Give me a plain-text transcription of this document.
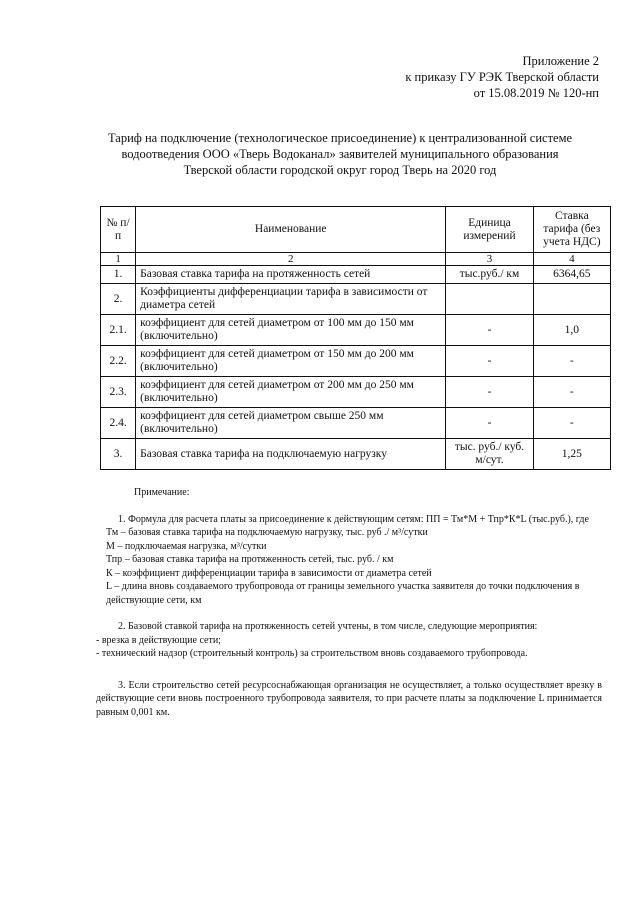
Приложение 2
к приказу ГУ РЭК Тверской области
от 15.08.2019 № 120-нп
Тариф на подключение (технологическое присоединение) к централизованной системе
водоотведения ООО «Тверь Водоканал» заявителей муниципального образования
Тверской области городской округ город Тверь на 2020 год
№ п/п	Наименование	Единица измерений	Ставка тарифа (без учета НДС)
1	2	3	4
1.	Базовая ставка тарифа на протяженность сетей	тыс.руб./ км	6364,65
2.	Коэффициенты дифференциации тарифа в зависимости от диаметра сетей		
2.1.	коэффициент для сетей диаметром от 100 мм до 150 мм (включительно)	-	1,0
2.2.	коэффициент для сетей диаметром от 150 мм до 200 мм (включительно)	-	-
2.3.	коэффициент для сетей диаметром от 200 мм до 250 мм (включительно)	-	-
2.4.	коэффициент для сетей диаметром свыше 250 мм (включительно)	-	-
3.	Базовая ставка тарифа на подключаемую нагрузку	тыс. руб./ куб. м/сут.	1,25

Примечание:

1. Формула для расчета платы за присоединение к действующим сетям: ПП = Тм*М + Тпр*К*L (тыс.руб.), где

Тм – базовая ставка тарифа на подключаемую нагрузку, тыс. руб ./ м³/сутки

М – подключаемая нагрузка, м³/сутки

Тпр – базовая ставка тарифа на протяженность сетей, тыс. руб. / км

К – коэффициент дифференциации тарифа в зависимости от диаметра сетей

L – длина вновь создаваемого трубопровода от границы земельного участка заявителя до точки подключения в действующие сети, км

2. Базовой ставкой тарифа на протяженность сетей учтены, в том числе, следующие мероприятия:

- врезка в действующие сети;

- технический надзор (строительный контроль) за строительством вновь создаваемого трубопровода.

3. Если строительство сетей ресурсоснабжающая организация не осуществляет, а только осуществляет врезку в действующие сети вновь построенного трубопровода заявителя, то при расчете платы за подключение L принимается равным 0,001 км.
